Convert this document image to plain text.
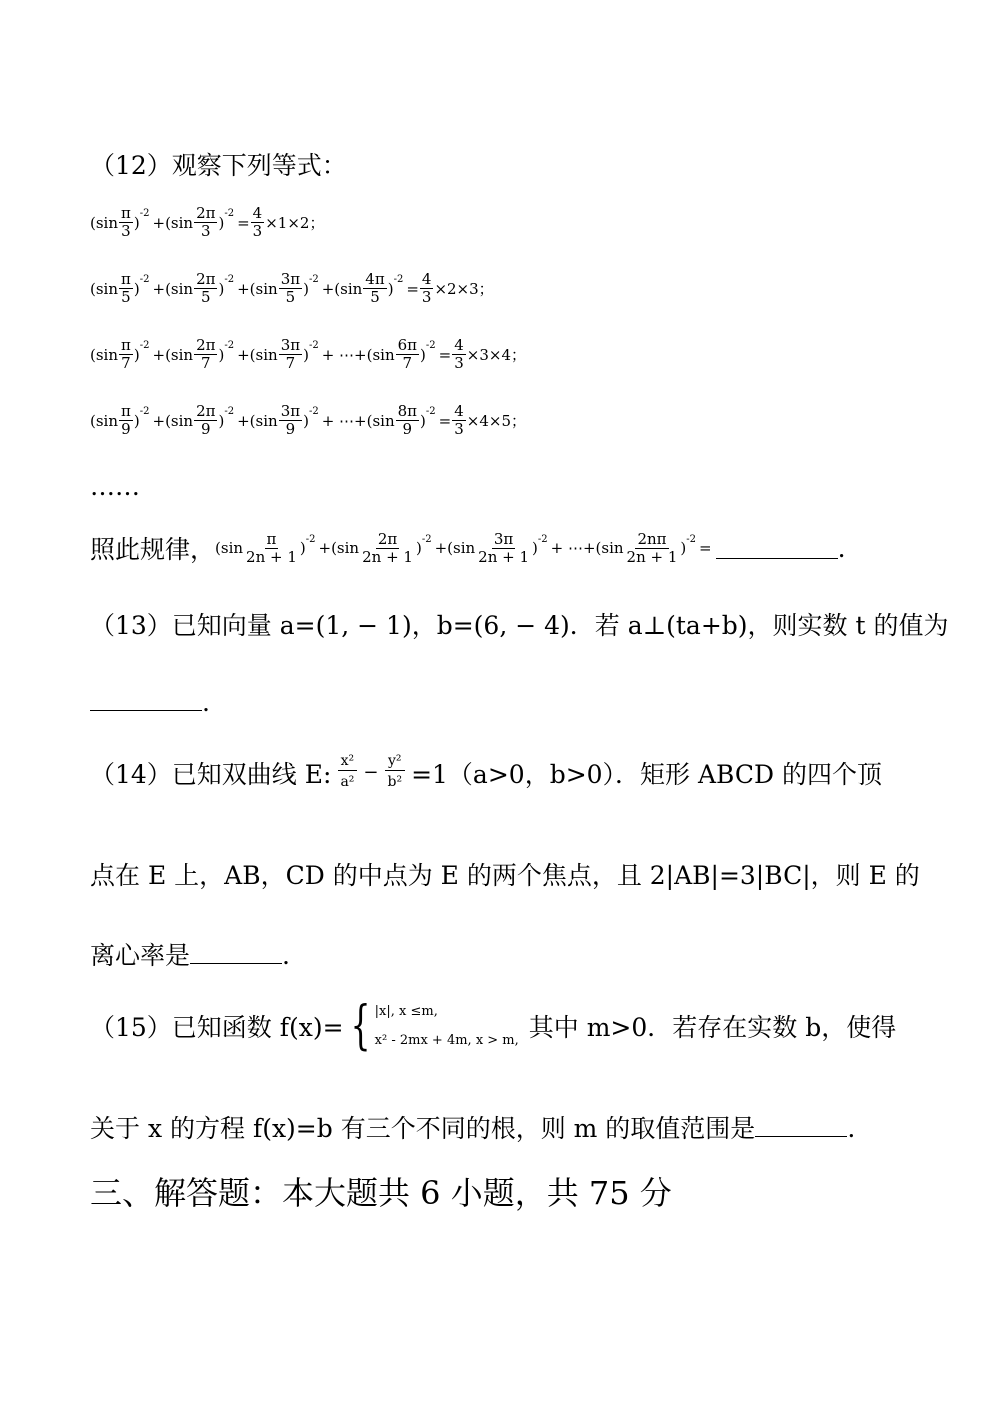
（12）观察下列等式：
($\sin \frac{\pi}{3}$ ) $-2 + (\sin \frac{2\pi}{3}$ ) $-2 = \frac{4}{3} \times 1\times 2$；
($\sin \frac{\pi}{5}$ ) $-2 + (\sin \frac{2\pi}{5}$ ) $-2 + (\sin \frac{3\pi}{5}$ ) $-2 + (\sin \frac{4\pi}{5}$ ) $-2 = \frac{4}{3} \times 2\times 3$；
($\sin \frac{\pi}{7}$ ) $-2 + (\sin \frac{2\pi}{7}$ ) $-2 + (\sin \frac{3\pi}{7}$ ) -2 + ⋯+ ($\sin \frac{6\pi}{7}$ ) $-2 = \frac{4}{3} \times 3\times 4$；
($\sin \frac{\pi}{9}$ ) $-2 + (\sin \frac{2\pi}{9}$ ) $-2 + (\sin \frac{3\pi}{9}$ ) -2 + ⋯+ ($\sin \frac{8\pi}{9}$ ) $-2 = \frac{4}{3} \times 4\times 5$；
……
照此规律， ($\sin \frac{\pi}{2n + 1}$ ) $-2 + (\sin \frac{2\pi}{2n + 1}$ ) $-2 + (\sin \frac{3\pi}{2n + 1}$ ) -2 + ⋯+ ($\sin \frac{2n\pi}{2n + 1}$ ) -2 =	.
（13）已知向量 a=(1, − 1)，b=(6, − 4)．若 a⊥(ta+b)，则实数 t 的值为
.
（14）已知双曲线 E: $\frac{\text{x²}}{\text{a²}} - \frac{\text{y²}}{\text{b²}} =1(a>0$，b>0）．矩形 ABCD 的四个顶
点在 E 上，AB，CD 的中点为 E 的两个焦点，且 2|AB|=3|BC|，则 E 的
离心率是	.
（15）已知函数 f(x)= { |x|, x ≤m,
x² - 2mx + 4m, x > m, 其中 m>0．若存在实数 b，使得
关于 x 的方程 f(x)=b 有三个不同的根，则 m 的取值范围是	.
三、解答题：本大题共 6 小题，共 75 分
